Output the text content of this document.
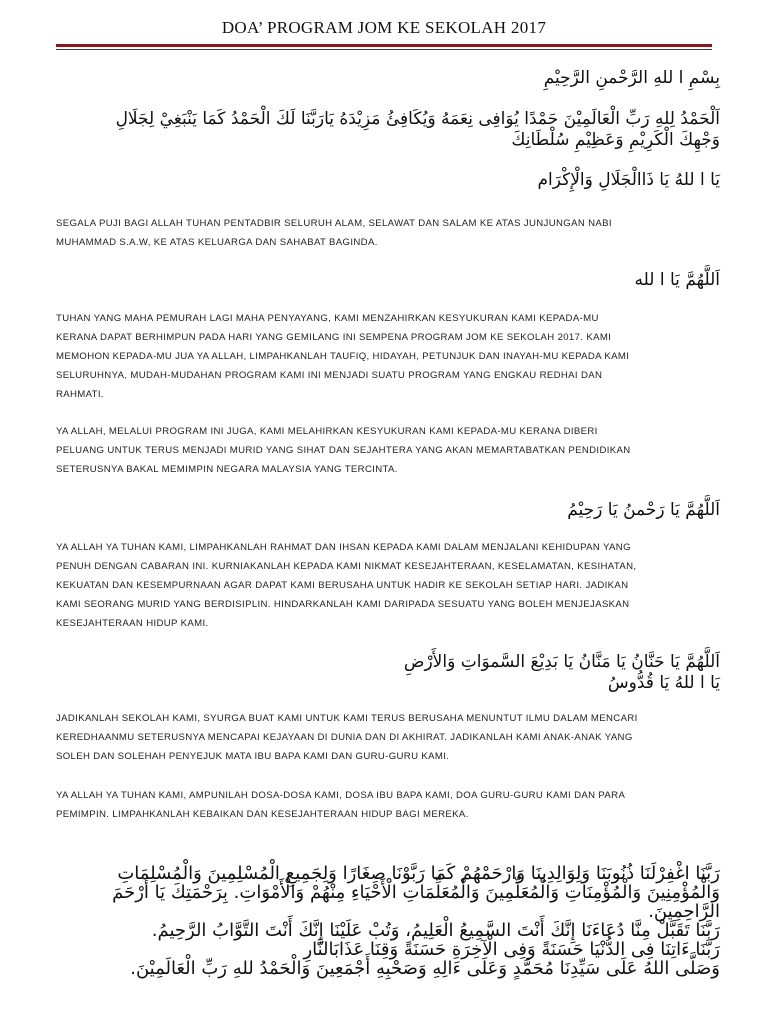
DOA’ PROGRAM JOM KE SEKOLAH 2017
بِسْمِ ا للهِ الرَّحْمنِ الرَّحِيْمِ
اَلْحَمْدُ لِلهِ رَبِّ الْعَالَمِيْنَ حَمْدًا يُوَافِى نِعَمَهُ وَيُكَافِئُ مَزِيْدَهُ يَارَبَّنَا لَكَ الْحَمْدُ كَمَا يَنْبَغِيْ لِجَلَالِ
وَجْهِكَ الْكَرِيْمِ وَعَظِيْمِ سُلْطَانِكَ
يَا ا للهُ يَا ذَاالْجَلَالِ وَالْإِكْرَام
SEGALA PUJI BAGI ALLAH TUHAN PENTADBIR SELURUH ALAM, SELAWAT DAN SALAM KE ATAS JUNJUNGAN NABI
MUHAMMAD S.A.W, KE ATAS KELUARGA DAN SAHABAT BAGINDA.
اَللَّهُمَّ يَا ا لله
TUHAN YANG MAHA PEMURAH LAGI MAHA PENYAYANG, KAMI MENZAHIRKAN KESYUKURAN KAMI KEPADA-MU
KERANA DAPAT BERHIMPUN PADA HARI YANG GEMILANG INI SEMPENA PROGRAM JOM KE SEKOLAH 2017. KAMI
MEMOHON KEPADA-MU JUA YA ALLAH, LIMPAHKANLAH TAUFIQ, HIDAYAH, PETUNJUK DAN INAYAH-MU KEPADA KAMI
SELURUHNYA, MUDAH-MUDAHAN PROGRAM KAMI INI MENJADI SUATU PROGRAM YANG ENGKAU REDHAI DAN
RAHMATI.
YA ALLAH, MELALUI PROGRAM INI JUGA, KAMI MELAHIRKAN KESYUKURAN KAMI KEPADA-MU KERANA DIBERI
PELUANG UNTUK TERUS MENJADI MURID YANG SIHAT DAN SEJAHTERA YANG AKAN MEMARTABATKAN PENDIDIKAN
SETERUSNYA BAKAL MEMIMPIN NEGARA MALAYSIA YANG TERCINTA.
اَللَّهُمَّ يَا رَحْمنُ يَا رَحِيْمُ
YA ALLAH YA TUHAN KAMI, LIMPAHKANLAH RAHMAT DAN IHSAN KEPADA KAMI DALAM MENJALANI KEHIDUPAN YANG
PENUH DENGAN CABARAN INI. KURNIAKANLAH KEPADA KAMI NIKMAT KESEJAHTERAAN, KESELAMATAN, KESIHATAN,
KEKUATAN DAN KESEMPURNAAN AGAR DAPAT KAMI BERUSAHA UNTUK HADIR KE SEKOLAH SETIAP HARI. JADIKAN
KAMI SEORANG MURID YANG BERDISIPLIN. HINDARKANLAH KAMI DARIPADA SESUATU YANG BOLEH MENJEJASKAN
KESEJAHTERAAN HIDUP KAMI.
اَللَّهُمَّ يَا حَنَّانُ يَا مَنَّانُ يَا بَدِيْعَ السَّموَاتِ وَالأَرْضِ
يَا ا للهُ يَا قُدُّوسُ
JADIKANLAH SEKOLAH KAMI, SYURGA BUAT KAMI UNTUK KAMI TERUS BERUSAHA MENUNTUT ILMU DALAM MENCARI
KEREDHAANMU SETERUSNYA MENCAPAI KEJAYAAN DI DUNIA DAN DI AKHIRAT. JADIKANLAH KAMI ANAK-ANAK YANG
SOLEH DAN SOLEHAH PENYEJUK MATA IBU BAPA KAMI DAN GURU-GURU KAMI.
YA ALLAH YA TUHAN KAMI, AMPUNILAH DOSA-DOSA KAMI, DOSA IBU BAPA KAMI, DOA GURU-GURU KAMI DAN PARA
PEMIMPIN. LIMPAHKANLAH KEBAIKAN DAN KESEJAHTERAAN HIDUP BAGI MEREKA.
رَبَّنَا اغْفِرْلَنَا ذُنُوبَنَا وَلِوَالِدِينَا وَارْحَمْهُمْ كَمَا رَبَّوْنَا صِغَارًا وَلِجَمِيعِ الْمُسْلِمِينَ وَالْمُسْلِمَاتِ
وَالْمُؤْمِنِينَ وَالْمُؤْمِنَاتِ وَالْمُعَلِّمِينَ وَالْمُعَلِّمَاتِ الْأَحْيَاءِ مِنْهُمْ وَالْأَمْوَاتِ. بِرَحْمَتِكَ يَا أَرْحَمَ
الرَّاحِمِينَ.
رَبَّنَا تَقَبَّلْ مِنَّا دُعَاءَنَا إِنَّكَ أَنْتَ السَّمِيعُ الْعَلِيمُ، وَتُبْ عَلَيْنَا إِنَّكَ أَنْتَ التَّوَّابُ الرَّحِيمُ.
رَبَّنَا ءَاتِنَا فِى الدُّنْيَا حَسَنَةً وَفِى الْآخِرَةِ حَسَنَةً وَقِنَا عَذَابَالنَّارِ
وَصَلَّى اللهُ عَلَى سَيِّدِنَا مُحَمَّدٍ وَعَلَى ءَالِهِ وَصَحْبِهِ أَجْمَعِينَ وَالْحَمْدُ للهِ رَبِّ الْعَالَمِيْنَ.
